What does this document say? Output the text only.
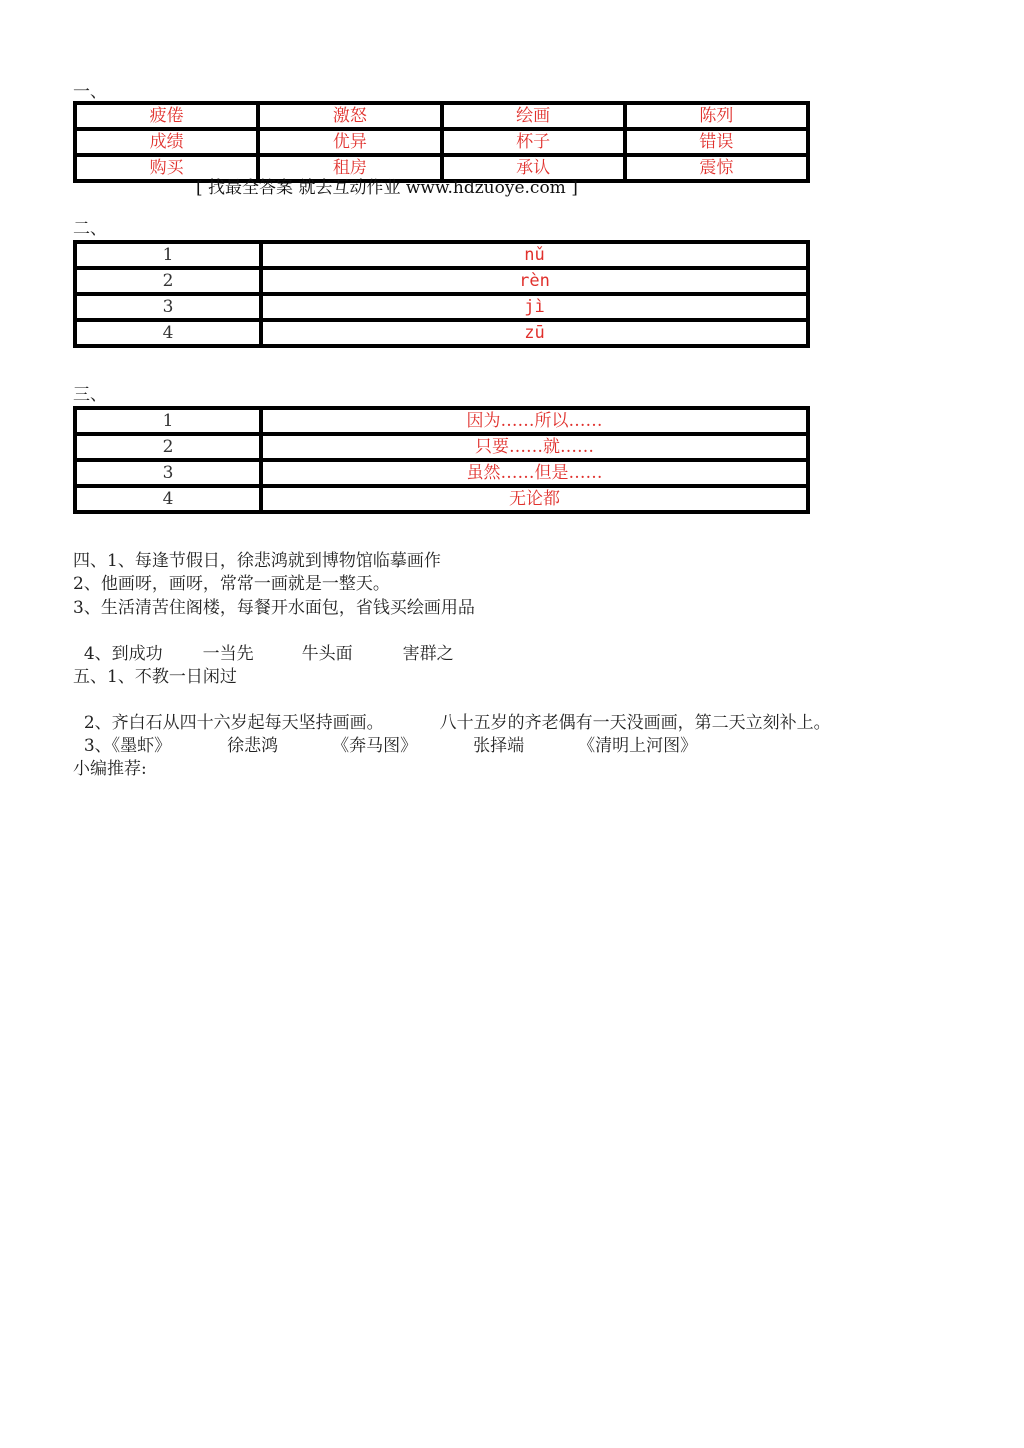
一、
疲倦	激怒	绘画	陈列
成绩	优异	杯子	错误
购买	租房	承认	震惊
[ 找最全答案 就去互动作业 www.hdzuoye.com ]
二、
1	nǔ
2	rèn
3	jì
4	zū
三、
1	因为……所以……
2	只要……就……
3	虽然……但是……
4	无论都
四、1、每逢节假日，徐悲鸿就到博物馆临摹画作
2、他画呀，画呀，常常一画就是一整天。
3、生活清苦住阁楼，每餐开水面包，省钱买绘画用品

4、到成功 一当先	牛头面	害群之

五、1、不教一日闲过

2、齐白石从四十六岁起每天坚持画画。	八十五岁的齐老偶有一天没画画，第二天立刻补上。

3、《墨虾》	徐悲鸿	《奔马图》	张择端	《清明上河图》

小编推荐:
